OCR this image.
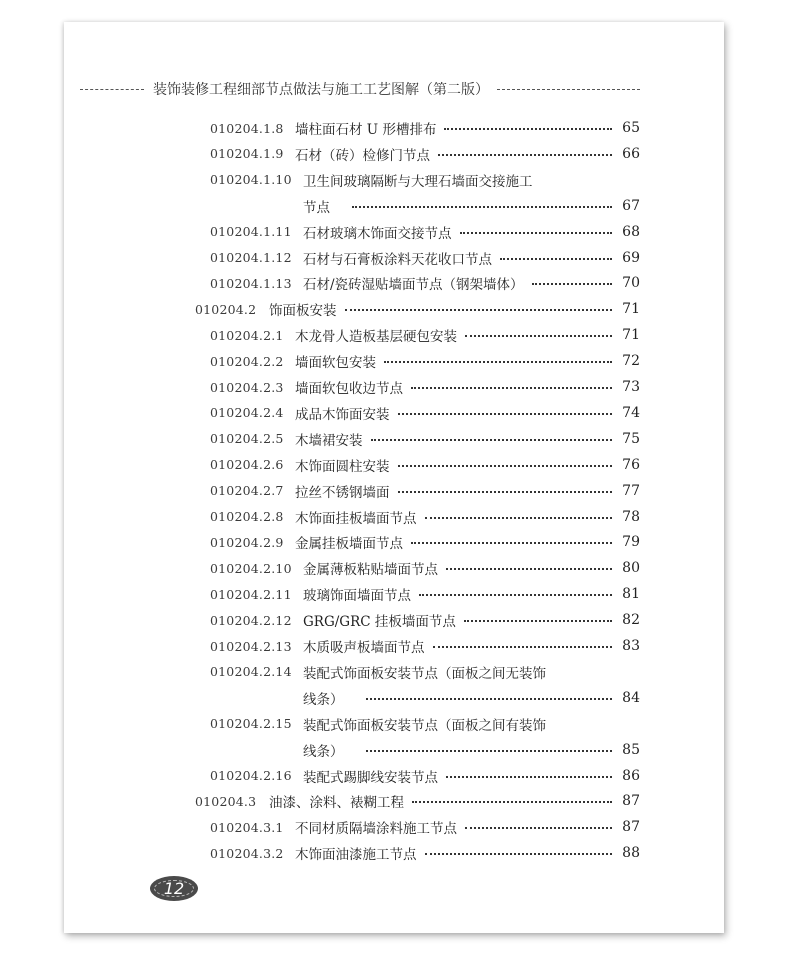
装饰装修工程细部节点做法与施工工艺图解（第二版）
010204.1.8 墙柱面石材 U 形槽排布	65
010204.1.9 石材（砖）检修门节点	66
010204.1.10 卫生间玻璃隔断与大理石墙面交接施工
节点	67
010204.1.11 石材玻璃木饰面交接节点	68
010204.1.12 石材与石膏板涂料天花收口节点	69
010204.1.13 石材/瓷砖湿贴墙面节点（钢架墙体）	70
010204.2 饰面板安装	71
010204.2.1 木龙骨人造板基层硬包安装	71
010204.2.2 墙面软包安装	72
010204.2.3 墙面软包收边节点	73
010204.2.4 成品木饰面安装	74
010204.2.5 木墙裙安装	75
010204.2.6 木饰面圆柱安装	76
010204.2.7 拉丝不锈钢墙面	77
010204.2.8 木饰面挂板墙面节点	78
010204.2.9 金属挂板墙面节点	79
010204.2.10 金属薄板粘贴墙面节点	80
010204.2.11 玻璃饰面墙面节点	81
010204.2.12 GRG/GRC 挂板墙面节点	82
010204.2.13 木质吸声板墙面节点	83
010204.2.14 装配式饰面板安装节点（面板之间无装饰
线条）	84
010204.2.15 装配式饰面板安装节点（面板之间有装饰
线条）	85
010204.2.16 装配式踢脚线安装节点	86
010204.3 油漆、涂料、裱糊工程	87
010204.3.1 不同材质隔墙涂料施工节点	87
010204.3.2 木饰面油漆施工节点	88
12
